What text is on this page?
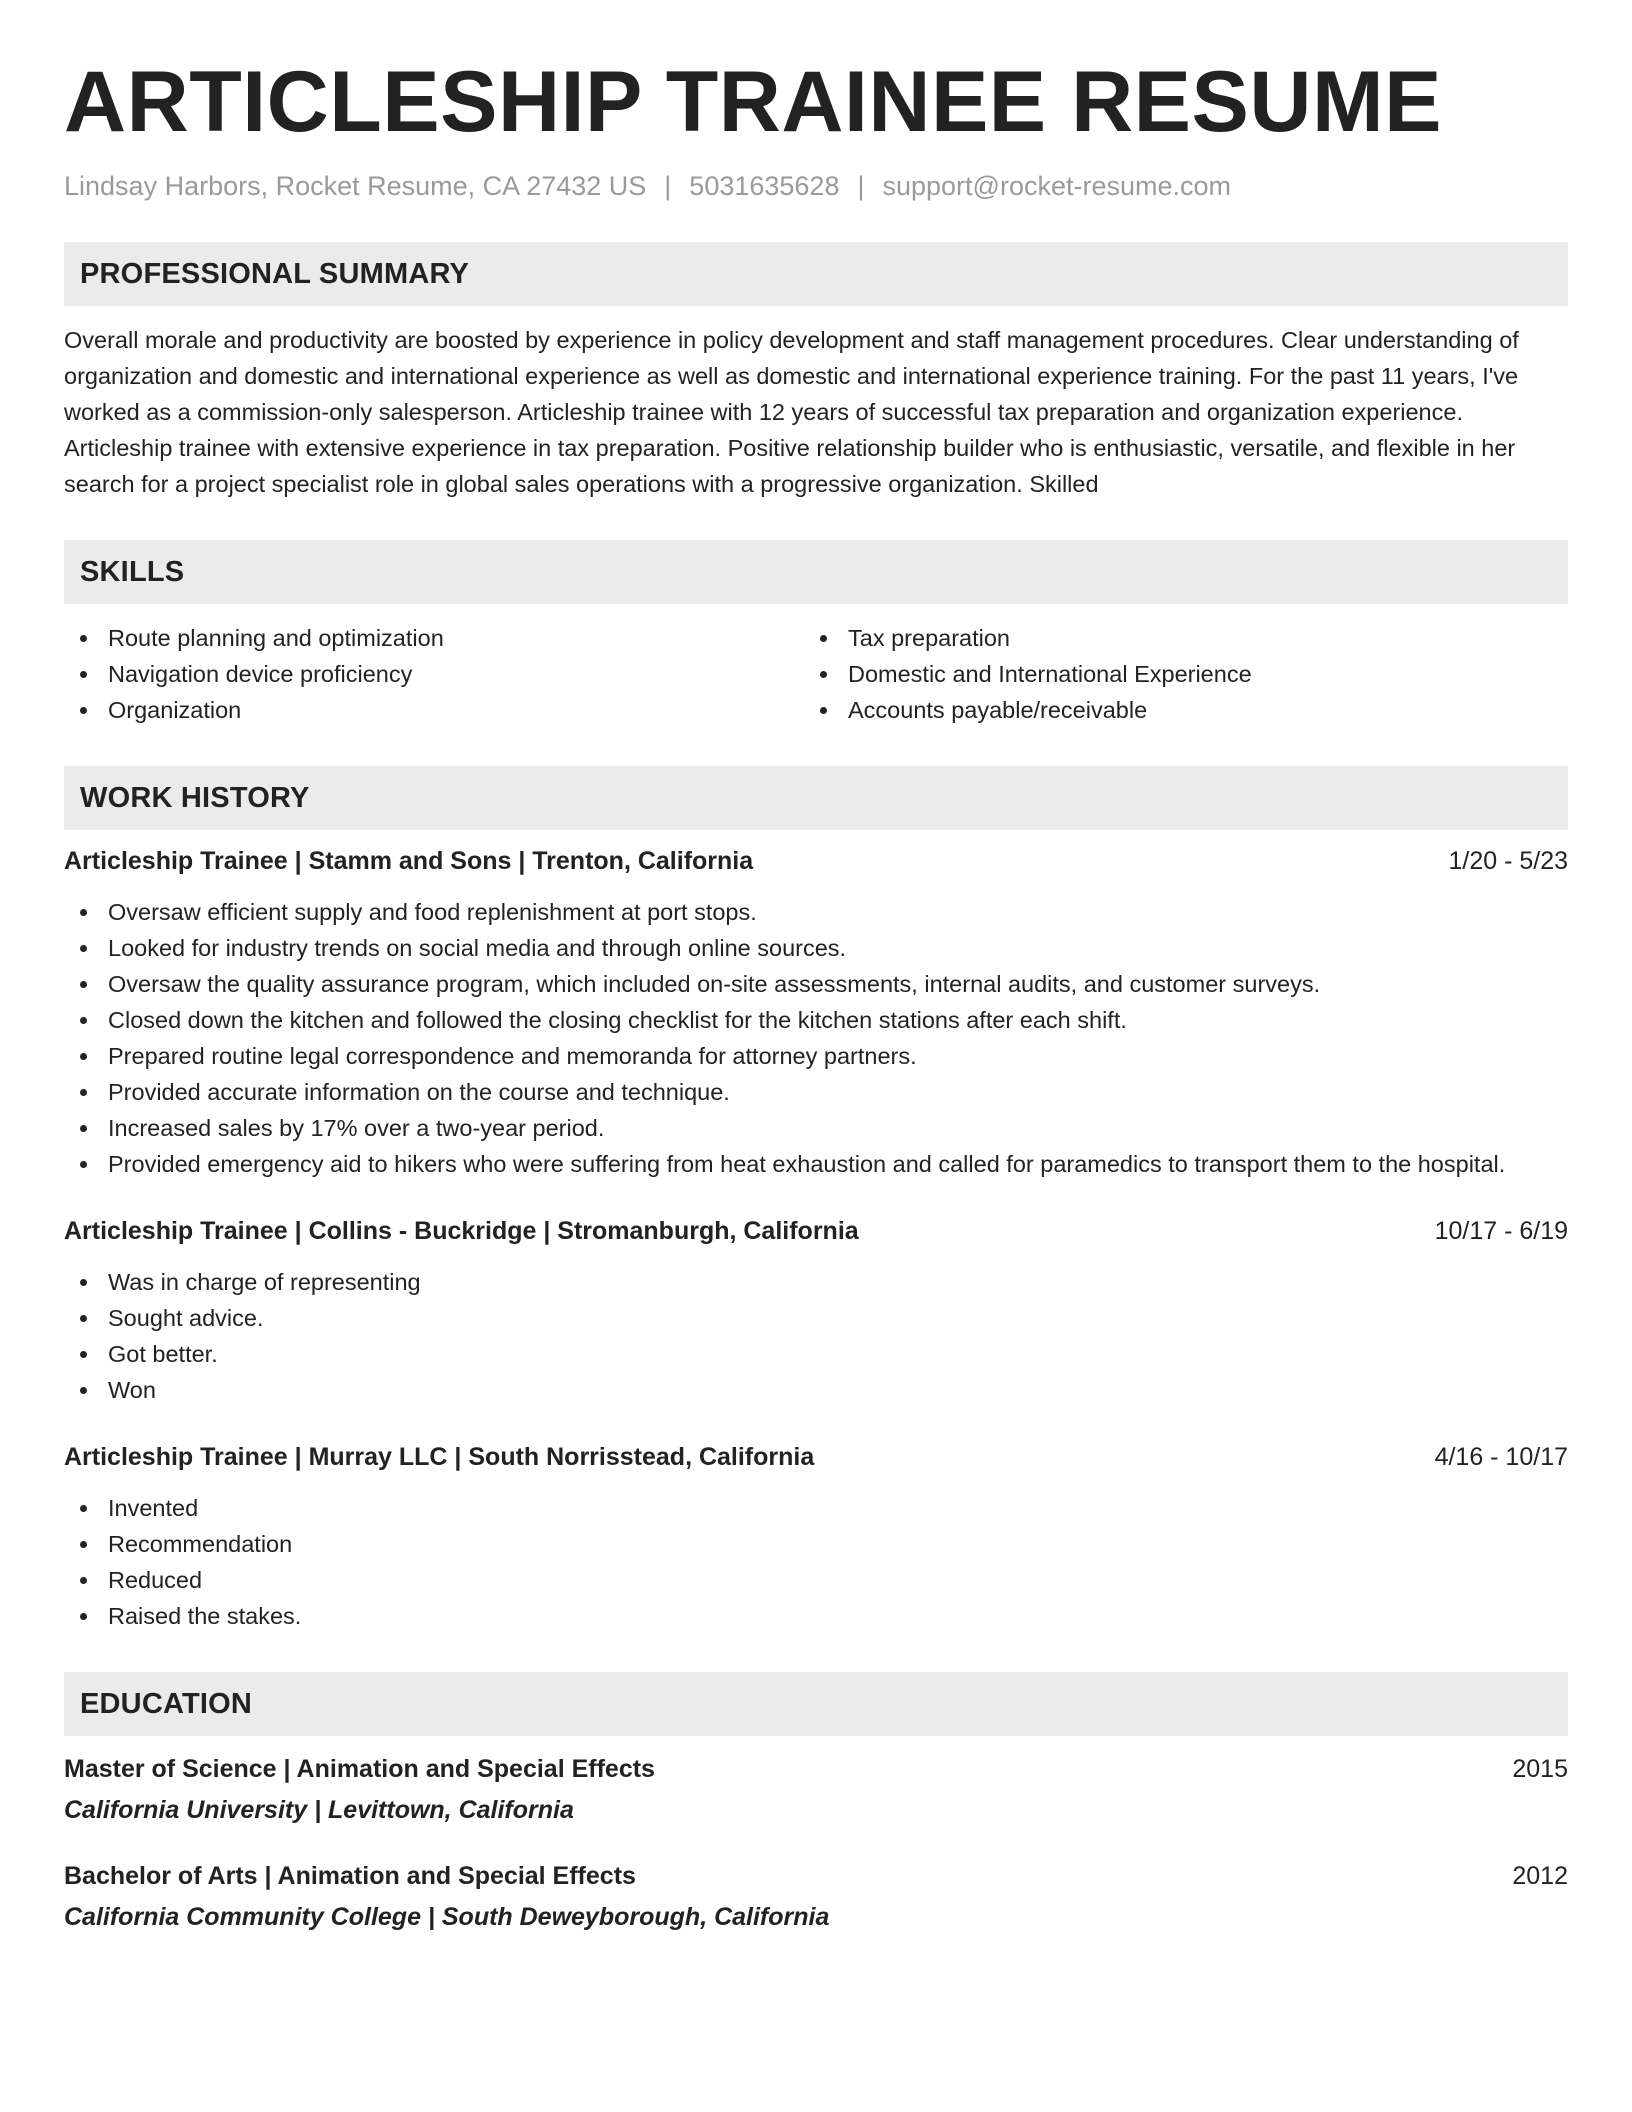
ARTICLESHIP TRAINEE RESUME
Lindsay Harbors, Rocket Resume, CA 27432 US | 5031635628 | support@rocket-resume.com
PROFESSIONAL SUMMARY
Overall morale and productivity are boosted by experience in policy development and staff management procedures. Clear understanding of organization and domestic and international experience as well as domestic and international experience training. For the past 11 years, I've worked as a commission-only salesperson. Articleship trainee with 12 years of successful tax preparation and organization experience. Articleship trainee with extensive experience in tax preparation. Positive relationship builder who is enthusiastic, versatile, and flexible in her search for a project specialist role in global sales operations with a progressive organization. Skilled
SKILLS
Route planning and optimization
Navigation device proficiency
Organization
Tax preparation
Domestic and International Experience
Accounts payable/receivable
WORK HISTORY
Articleship Trainee | Stamm and Sons | Trenton, California	1/20 - 5/23
Oversaw efficient supply and food replenishment at port stops.
Looked for industry trends on social media and through online sources.
Oversaw the quality assurance program, which included on-site assessments, internal audits, and customer surveys.
Closed down the kitchen and followed the closing checklist for the kitchen stations after each shift.
Prepared routine legal correspondence and memoranda for attorney partners.
Provided accurate information on the course and technique.
Increased sales by 17% over a two-year period.
Provided emergency aid to hikers who were suffering from heat exhaustion and called for paramedics to transport them to the hospital.
Articleship Trainee | Collins - Buckridge | Stromanburgh, California	10/17 - 6/19
Was in charge of representing
Sought advice.
Got better.
Won
Articleship Trainee | Murray LLC | South Norrisstead, California	4/16 - 10/17
Invented
Recommendation
Reduced
Raised the stakes.
EDUCATION
Master of Science | Animation and Special Effects	2015
California University | Levittown, California
Bachelor of Arts | Animation and Special Effects	2012
California Community College | South Deweyborough, California
